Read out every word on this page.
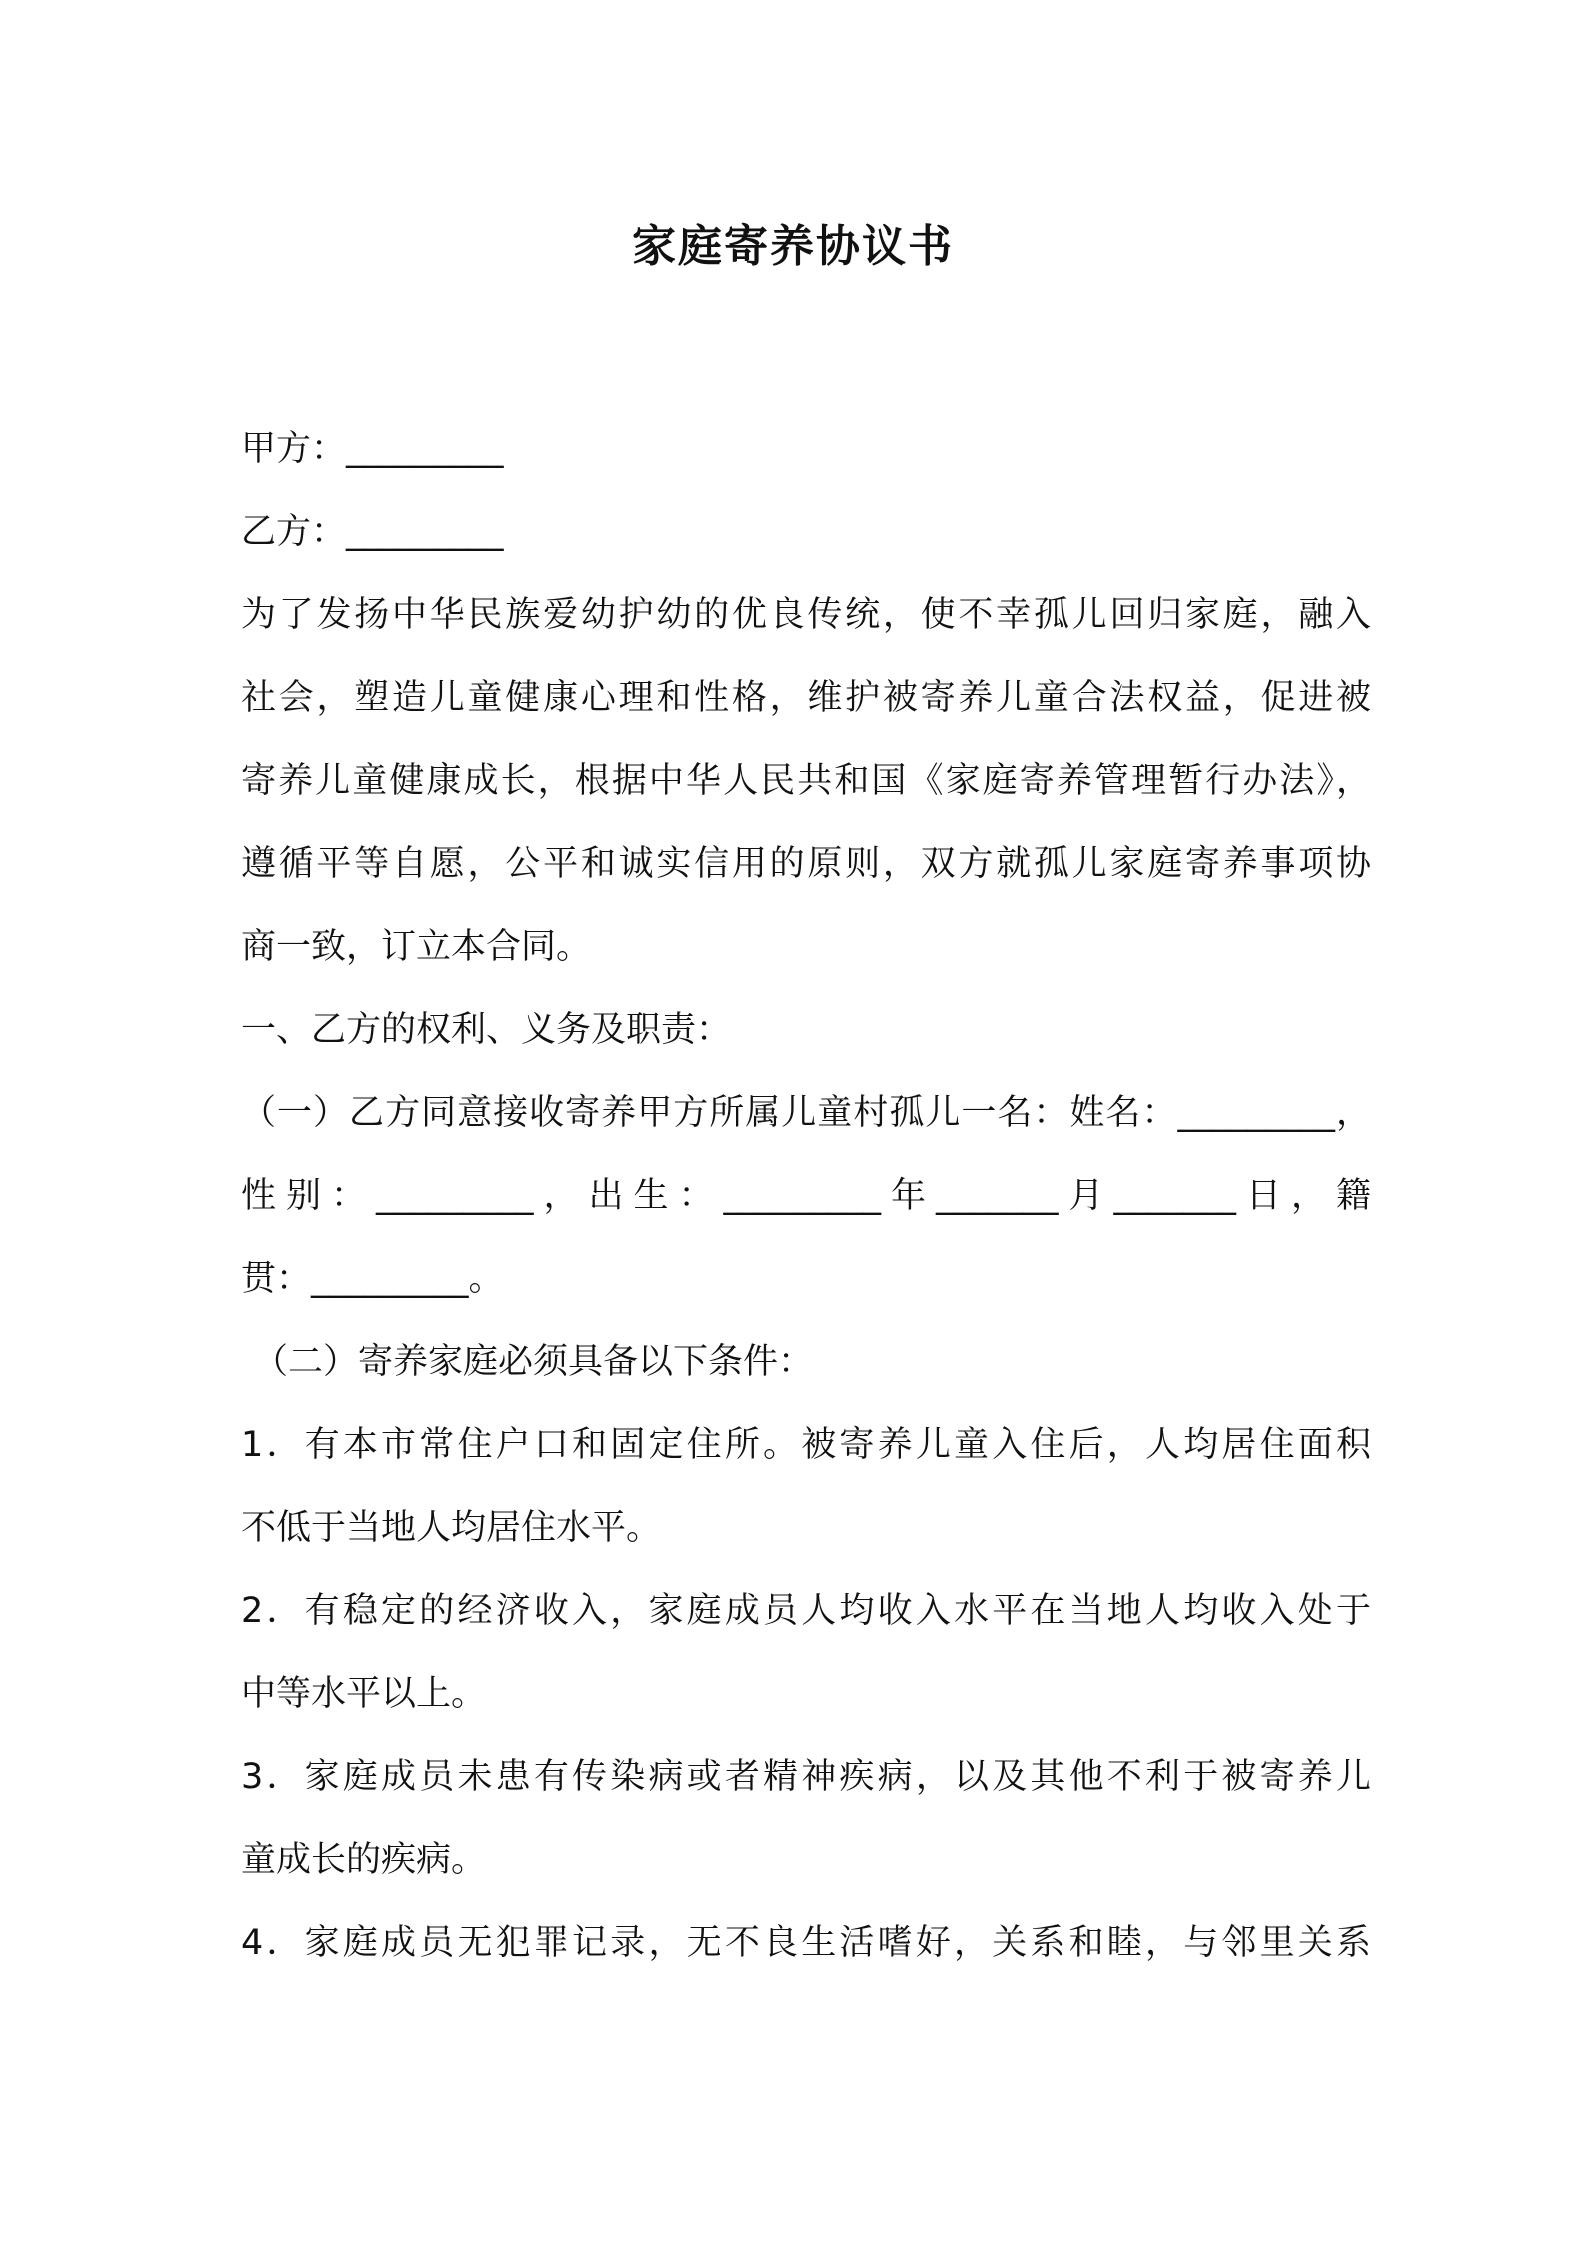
家庭寄养协议书
甲方：_________
乙方：_________
为了发扬中华民族爱幼护幼的优良传统，使不幸孤儿回归家庭，融入
社会，塑造儿童健康心理和性格，维护被寄养儿童合法权益，促进被
寄养儿童健康成长，根据中华人民共和国《家庭寄养管理暂行办法》，
遵循平等自愿，公平和诚实信用的原则，双方就孤儿家庭寄养事项协
商一致，订立本合同。
一、乙方的权利、义务及职责：
（一）乙方同意接收寄养甲方所属儿童村孤儿一名：姓名：_________，
性别：_________，出生：_________年_______月_______日，籍
贯：_________。
（二）寄养家庭必须具备以下条件：
1．有本市常住户口和固定住所。被寄养儿童入住后，人均居住面积
不低于当地人均居住水平。
2．有稳定的经济收入，家庭成员人均收入水平在当地人均收入处于
中等水平以上。
3．家庭成员未患有传染病或者精神疾病，以及其他不利于被寄养儿
童成长的疾病。
4．家庭成员无犯罪记录，无不良生活嗜好，关系和睦，与邻里关系
